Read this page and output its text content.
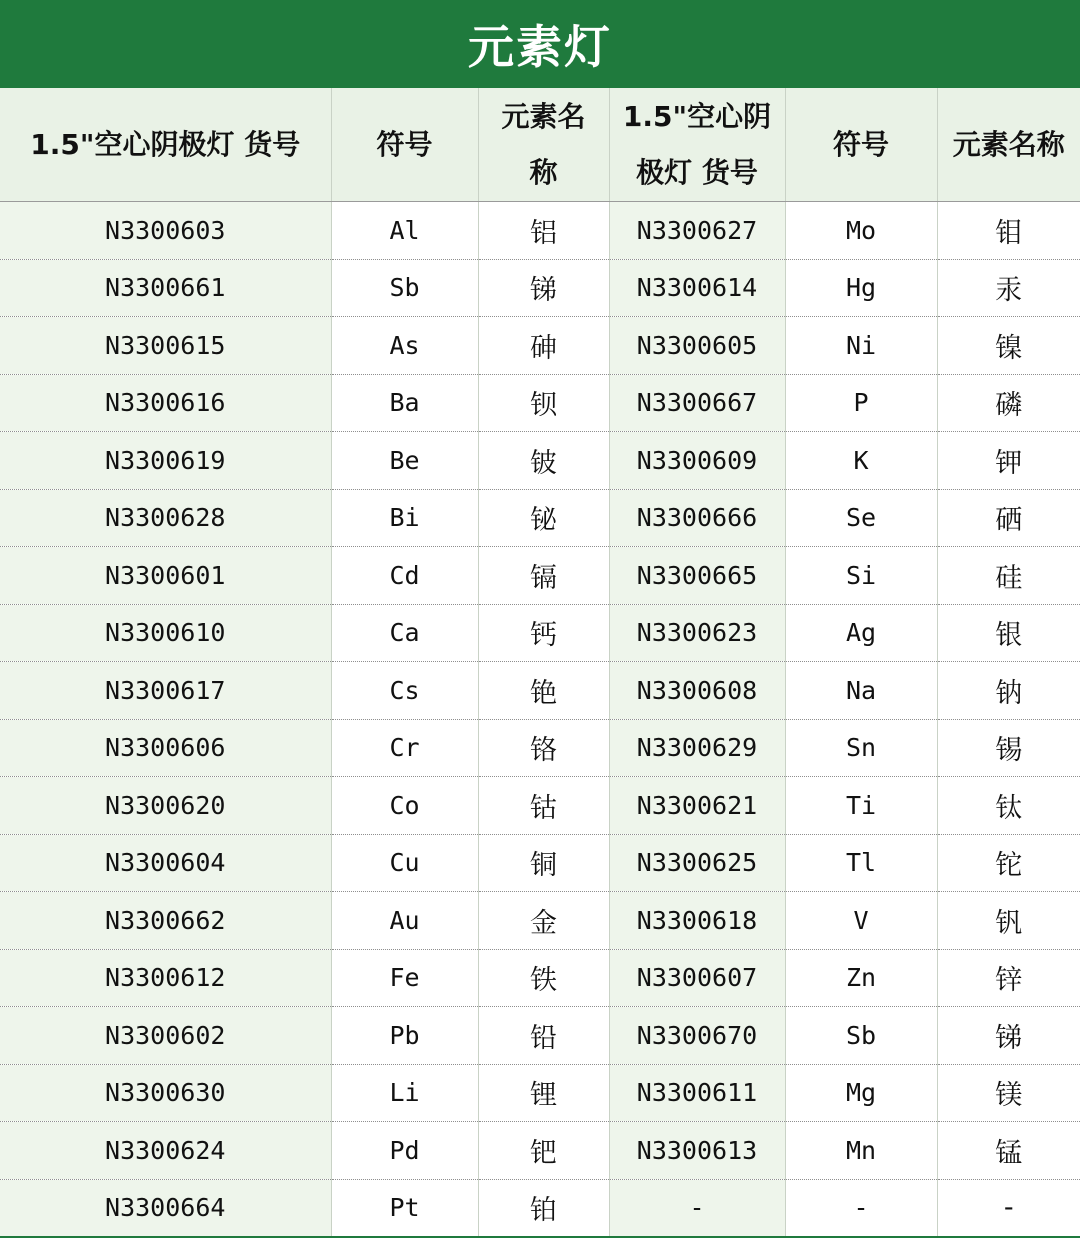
元素灯
1.5"空心阴极灯 货号	符号	元素名称	1.5"空心阴极灯 货号	符号	元素名称
N3300603	Al	铝	N3300627	Mo	钼
N3300661	Sb	锑	N3300614	Hg	汞
N3300615	As	砷	N3300605	Ni	镍
N3300616	Ba	钡	N3300667	P	磷
N3300619	Be	铍	N3300609	K	钾
N3300628	Bi	铋	N3300666	Se	硒
N3300601	Cd	镉	N3300665	Si	硅
N3300610	Ca	钙	N3300623	Ag	银
N3300617	Cs	铯	N3300608	Na	钠
N3300606	Cr	铬	N3300629	Sn	锡
N3300620	Co	钴	N3300621	Ti	钛
N3300604	Cu	铜	N3300625	Tl	铊
N3300662	Au	金	N3300618	V	钒
N3300612	Fe	铁	N3300607	Zn	锌
N3300602	Pb	铅	N3300670	Sb	锑
N3300630	Li	锂	N3300611	Mg	镁
N3300624	Pd	钯	N3300613	Mn	锰
N3300664	Pt	铂	-	-	-
